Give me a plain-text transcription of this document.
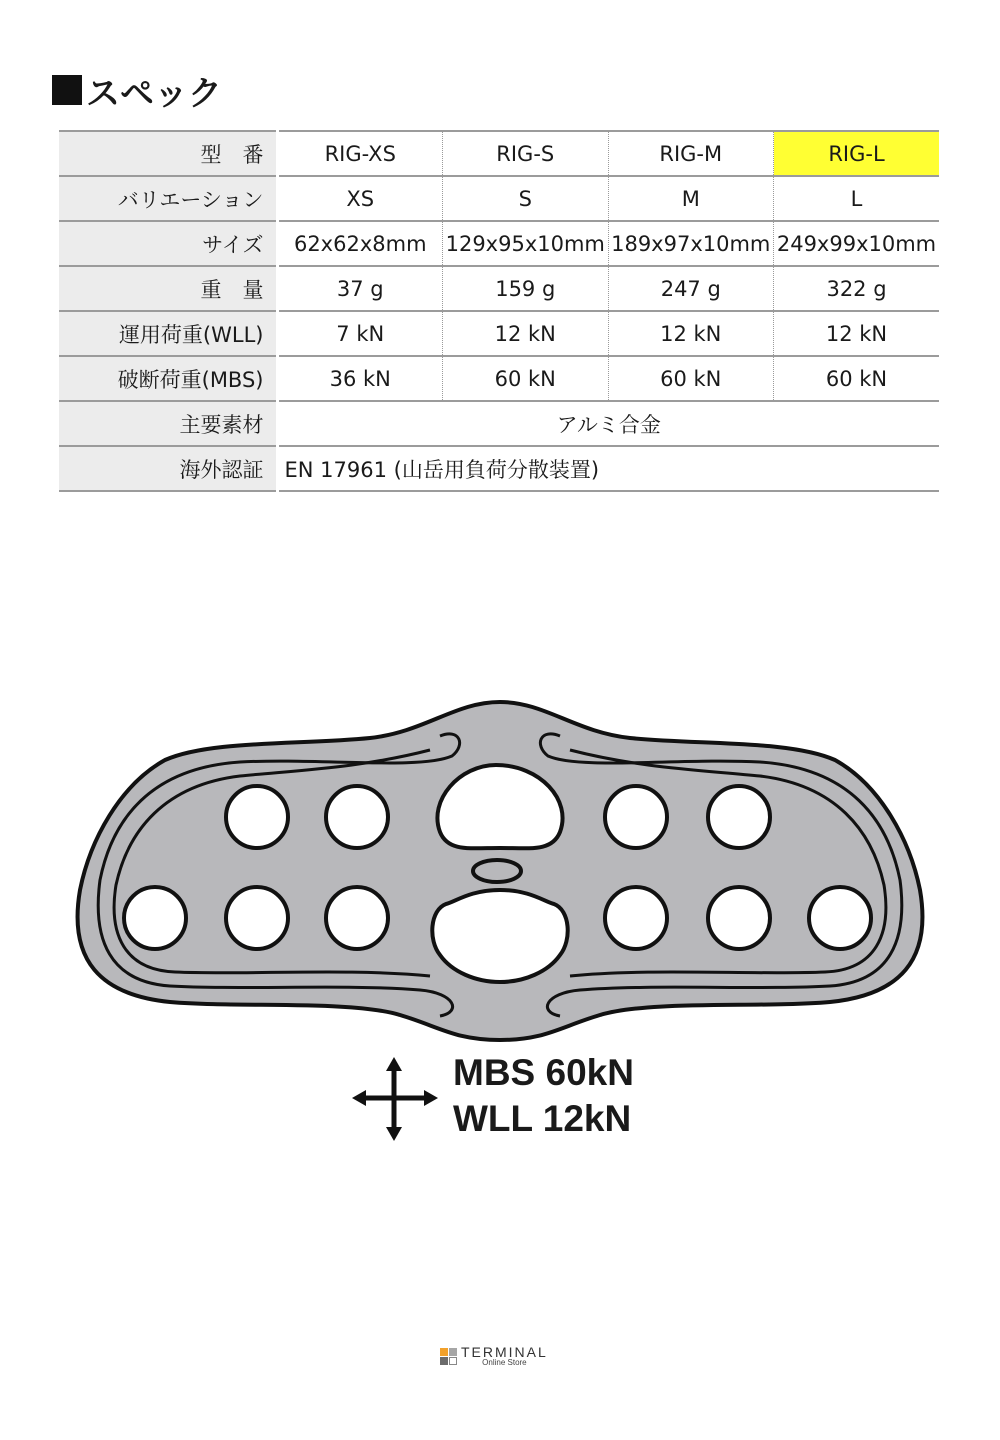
スペック
型　番	RIG-XS	RIG-S	RIG-M	RIG-L
バリエーション	XS	S	M	L
サイズ	62x62x8mm	129x95x10mm	189x97x10mm	249x99x10mm
重　量	37 g	159 g	247 g	322 g
運用荷重(WLL)	7 kN	12 kN	12 kN	12 kN
破断荷重(MBS)	36 kN	60 kN	60 kN	60 kN
主要素材	アルミ合金			
海外認証	EN 17961 (山岳用負荷分散装置)			
MBS 60kN
WLL 12kN
TERMINAL
Online Store
